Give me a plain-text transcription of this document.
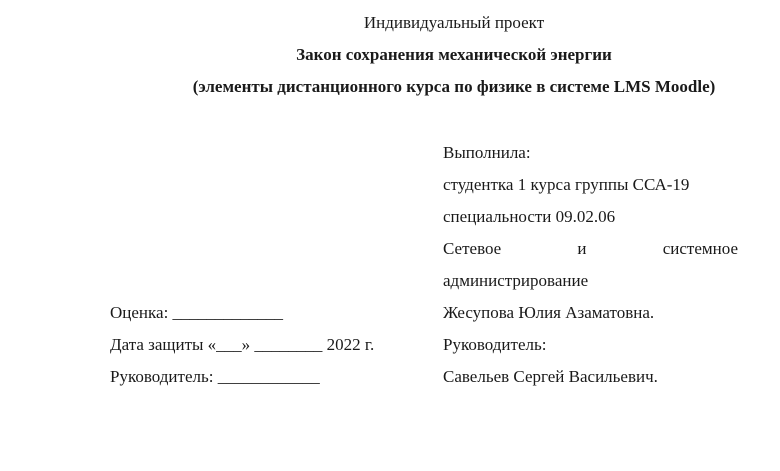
Индивидуальный проект
Закон сохранения механической энергии
(элементы дистанционного курса по физике в системе LMS Moodle)
Выполнила:
студентка 1 курса группы ССА-19
специальности 09.02.06
Сетевое	и	системное
администрирование
Жесупова Юлия Азаматовна.
Руководитель:
Савельев Сергей Васильевич.
Оценка: _____________
Дата защиты «___» ________ 2022 г.
Руководитель: ____________
